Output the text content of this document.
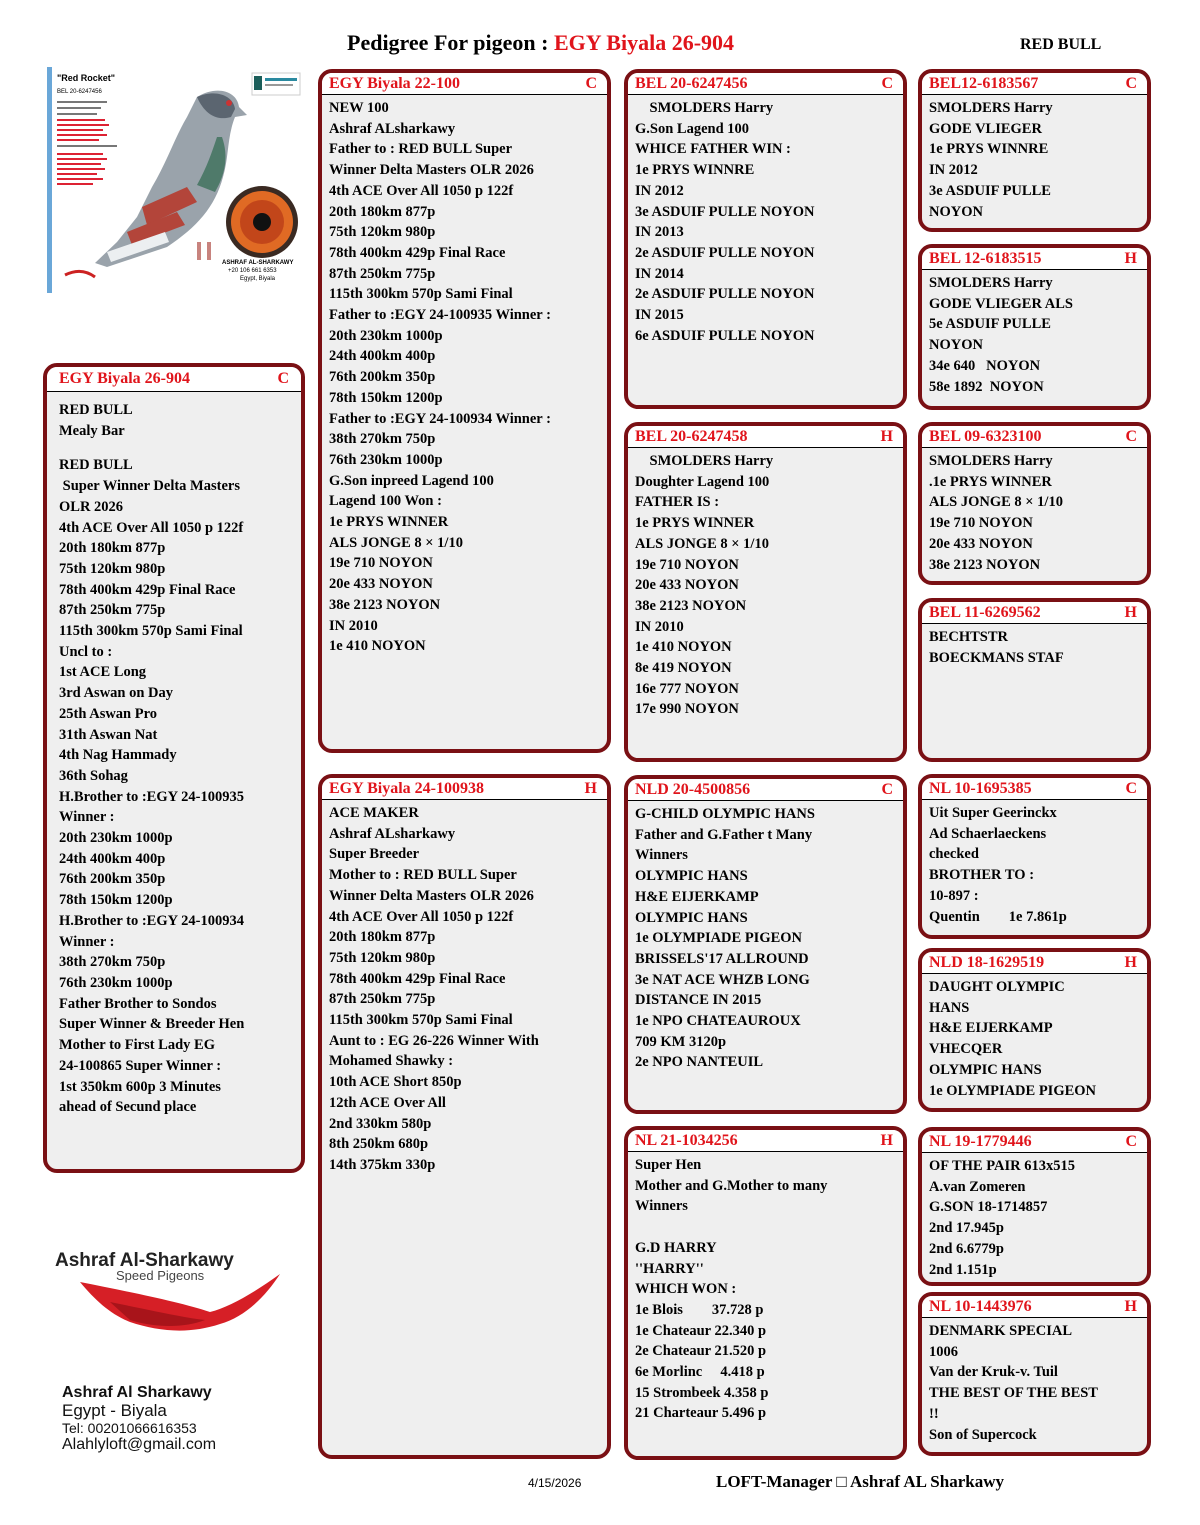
Pedigree For pigeon : EGY Biyala 26-904	RED BULL
"Red Rocket"
BEL 20-6247456
ASHRAF AL-SHARKAWY
+20 106 661 6353
Egypt, Biyala
EGY Biyala 26-904	C
RED BULL
Mealy Bar
RED BULL
Super Winner Delta Masters
OLR 2026
4th ACE Over All 1050 p 122f
20th 180km 877p
75th 120km 980p
78th 400km 429p Final Race
87th 250km 775p
115th 300km 570p Sami Final
Uncl to :
1st ACE Long
3rd Aswan on Day
25th Aswan Pro
31th Aswan Nat
4th Nag Hammady
36th Sohag
H.Brother to :EGY 24-100935
Winner :
20th 230km 1000p
24th 400km 400p
76th 200km 350p
78th 150km 1200p
H.Brother to :EGY 24-100934
Winner :
38th 270km 750p
76th 230km 1000p
Father Brother to Sondos
Super Winner & Breeder Hen
Mother to First Lady EG
24-100865 Super Winner :
1st 350km 600p 3 Minutes
ahead of Secund place
EGY Biyala 22-100	C
NEW 100
Ashraf ALsharkawy
Father to : RED BULL Super
Winner Delta Masters OLR 2026
4th ACE Over All 1050 p 122f
20th 180km 877p
75th 120km 980p
78th 400km 429p Final Race
87th 250km 775p
115th 300km 570p Sami Final
Father to :EGY 24-100935 Winner :
20th 230km 1000p
24th 400km 400p
76th 200km 350p
78th 150km 1200p
Father to :EGY 24-100934 Winner :
38th 270km 750p
76th 230km 1000p
G.Son inpreed Lagend 100
Lagend 100 Won :
1e PRYS WINNER
ALS JONGE 8 × 1/10
19e 710 NOYON
20e 433 NOYON
38e 2123 NOYON
IN 2010
1e 410 NOYON
EGY Biyala 24-100938	H
ACE MAKER
Ashraf ALsharkawy
Super Breeder
Mother to : RED BULL Super
Winner Delta Masters OLR 2026
4th ACE Over All 1050 p 122f
20th 180km 877p
75th 120km 980p
78th 400km 429p Final Race
87th 250km 775p
115th 300km 570p Sami Final
Aunt to : EG 26-226 Winner With
Mohamed Shawky :
10th ACE Short 850p
12th ACE Over All
2nd 330km 580p
8th 250km 680p
14th 375km 330p
BEL 20-6247456	C
SMOLDERS Harry
G.Son Lagend 100
WHICE FATHER WIN :
1e PRYS WINNRE
IN 2012
3e ASDUIF PULLE NOYON
IN 2013
2e ASDUIF PULLE NOYON
IN 2014
2e ASDUIF PULLE NOYON
IN 2015
6e ASDUIF PULLE NOYON
BEL 20-6247458	H
SMOLDERS Harry
Doughter Lagend 100
FATHER IS :
1e PRYS WINNER
ALS JONGE 8 × 1/10
19e 710 NOYON
20e 433 NOYON
38e 2123 NOYON
IN 2010
1e 410 NOYON
8e 419 NOYON
16e 777 NOYON
17e 990 NOYON
NLD 20-4500856	C
G-CHILD OLYMPIC HANS
Father and G.Father t Many
Winners
OLYMPIC HANS
H&E EIJERKAMP
OLYMPIC HANS
1e OLYMPIADE PIGEON
BRISSELS'17 ALLROUND
3e NAT ACE WHZB LONG
DISTANCE IN 2015
1e NPO CHATEAUROUX
709 KM 3120p
2e NPO NANTEUIL
NL 21-1034256	H
Super Hen
Mother and G.Mother to many
Winners
G.D HARRY
''HARRY''
WHICH WON :
1e Blois        37.728 p
1e Chateaur 22.340 p
2e Chateaur 21.520 p
6e Morlinc     4.418 p
15 Strombeek 4.358 p
21 Charteaur 5.496 p
BEL12-6183567	C
SMOLDERS Harry
GODE VLIEGER
1e PRYS WINNRE
IN 2012
3e ASDUIF PULLE
NOYON
BEL 12-6183515	H
SMOLDERS Harry
GODE VLIEGER ALS
5e ASDUIF PULLE
NOYON
34e 640   NOYON
58e 1892  NOYON
BEL 09-6323100	C
SMOLDERS Harry
.1e PRYS WINNER
ALS JONGE 8 × 1/10
19e 710 NOYON
20e 433 NOYON
38e 2123 NOYON
BEL 11-6269562	H
BECHTSTR
BOECKMANS STAF
NL 10-1695385	C
Uit Super Geerinckx
Ad Schaerlaeckens
checked
BROTHER TO :
10-897 :
Quentin        1e 7.861p
NLD 18-1629519	H
DAUGHT OLYMPIC
HANS
H&E EIJERKAMP
VHECQER
OLYMPIC HANS
1e OLYMPIADE PIGEON
NL 19-1779446	C
OF THE PAIR 613x515
A.van Zomeren
G.SON 18-1714857
2nd 17.945p
2nd 6.6779p
2nd 1.151p
NL 10-1443976	H
DENMARK SPECIAL
1006
Van der Kruk-v. Tuil
THE BEST OF THE BEST
!!
Son of Supercock
Ashraf Al-Sharkawy
Speed Pigeons
Ashraf Al Sharkawy
Egypt - Biyala
Tel: 00201066616353
Alahlyloft@gmail.com
4/15/2026	LOFT-Manager □ Ashraf AL Sharkawy
